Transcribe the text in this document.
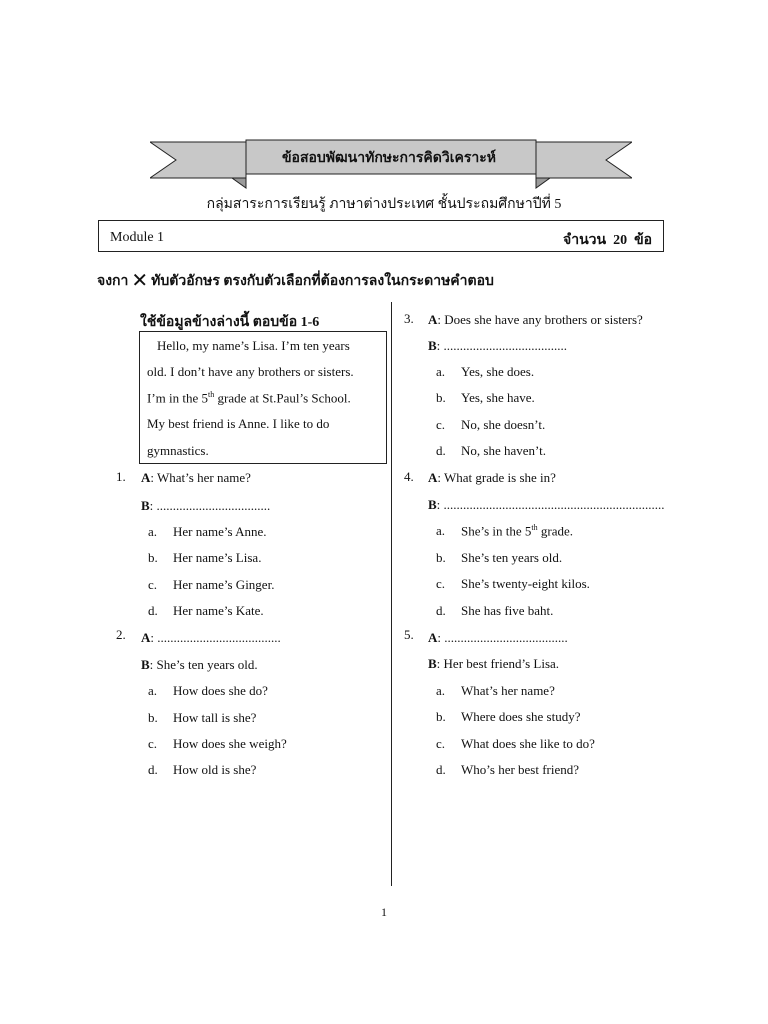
ข้อสอบพัฒนาทักษะการคิดวิเคราะห์
กลุ่มสาระการเรียนรู้ ภาษาต่างประเทศ ชั้นประถมศึกษาปีที่ 5
Module 1	จำนวน  20  ข้อ
จงกา ✕ ทับตัวอักษร ตรงกับตัวเลือกที่ต้องการลงในกระดาษคำตอบ
ใช้ข้อมูลข้างล่างนี้ ตอบข้อ 1-6
Hello, my name’s Lisa. I’m ten years
old. I don’t have any brothers or sisters.
I’m in the 5th grade at St.Paul’s School.
My best friend is Anne. I like to do
gymnastics.
1. A: What’s her name?
B: ...................................
a. Her name’s Anne.
b. Her name’s Lisa.
c. Her name’s Ginger.
d. Her name’s Kate.
2. A: ......................................
B: She’s ten years old.
a. How does she do?
b. How tall is she?
c. How does she weigh?
d. How old is she?
3. A: Does she have any brothers or sisters?
B: ......................................
a. Yes, she does.
b. Yes, she have.
c. No, she doesn’t.
d. No, she haven’t.
4. A: What grade is she in?
B: ....................................................................
a. She’s in the 5th grade.
b. She’s ten years old.
c. She’s twenty-eight kilos.
d. She has five baht.
5. A: ......................................
B: Her best friend’s Lisa.
a. What’s her name?
b. Where does she study?
c. What does she like to do?
d. Who’s her best friend?
1
